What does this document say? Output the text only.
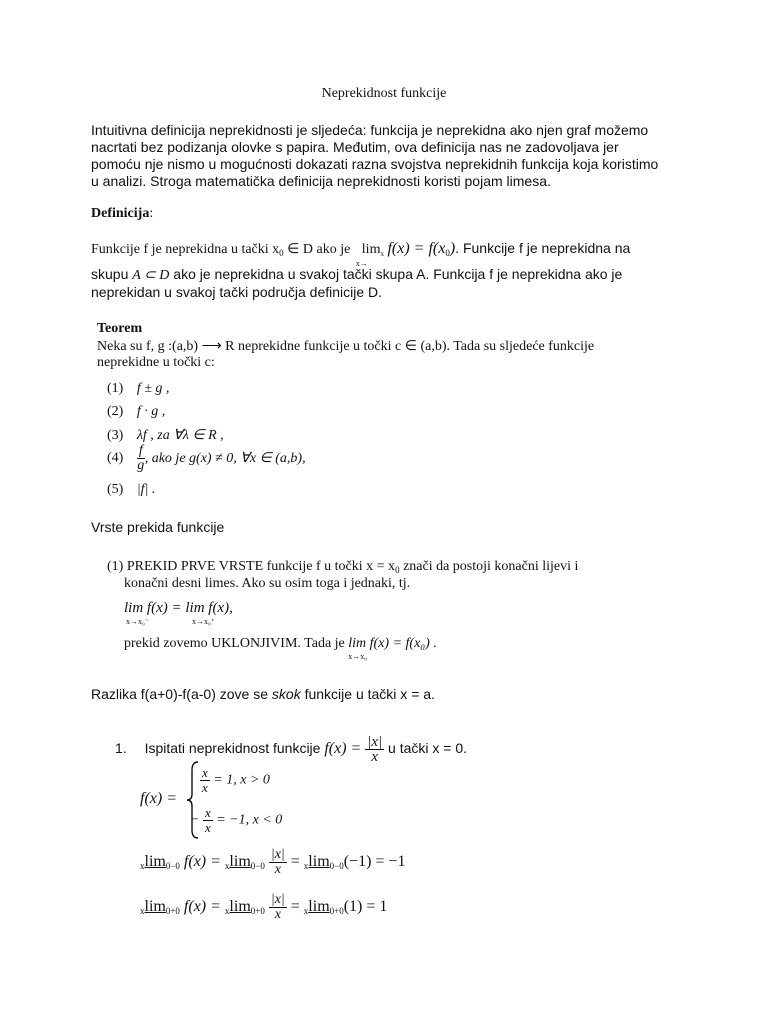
Neprekidnost funkcije
Intuitivna definicija neprekidnosti je sljedeća: funkcija je neprekidna ako njen graf možemo
nacrtati bez podizanja olovke s papira. Međutim, ova definicija nas ne zadovoljava jer
pomoću nje nismo u mogućnosti dokazati razna svojstva neprekidnih funkcija koja koristimo
u analizi. Stroga matematička definicija neprekidnosti koristi pojam limesa.
Definicija:
Funkcije f je neprekidna u tački $x_0$ ∈ D ako je $\lim_x$
x→
$f(x) = f(x_0)$. Funkcije f je neprekidna na
skupu A ⊂ D ako je neprekidna u svakoj tački skupa A. Funkcija f je neprekidna ako je
neprekidan u svakoj tački područja definicije D.
Teorem
Neka su f, g :(a,b) ⟶ R neprekidne funkcije u točki c ∈ (a,b). Tada su sljedeće funkcije
neprekidne u točki c:
(1) f ± g ,
(2) f · g ,
(3) λf , za ∀λ ∈ R ,
$(4) \frac{f}{g}$ , ako je g(x) ≠ 0, ∀x ∈ (a,b),
(5) |f| .
Vrste prekida funkcije
(1) PREKID PRVE VRSTE funkcije f u točki $x = x_0$ znači da postoji konačni lijevi i
konačni desni limes. Ako su osim toga i jednaki, tj.
lim f(x) = lim f(x),
x→x₀⁻	x→x₀⁺
prekid zovemo UKLONJIVIM. Tada je lim f(x) = f(x₀) .
x→x₀
Razlika f(a+0)-f(a-0) zove se skok funkcije u tački x = a.
1. Ispitati neprekidnost funkcije $f(x) = \frac{|x|}{x}$ u tački x = 0.
f(x) =
$\frac{x}{x} = 1$, x > 0
− $\frac{x}{x} = -1$, x < 0
$_x\lim_{0-0}$ $f(x) = _x\lim_{0-0} \frac{|x|}{x} = _x\lim_{0-0}(-1) = -1$
$_x\lim_{0+0}$ $f(x) = _x\lim_{0+0} \frac{|x|}{x} = _x\lim_{0+0}(1) = 1$
